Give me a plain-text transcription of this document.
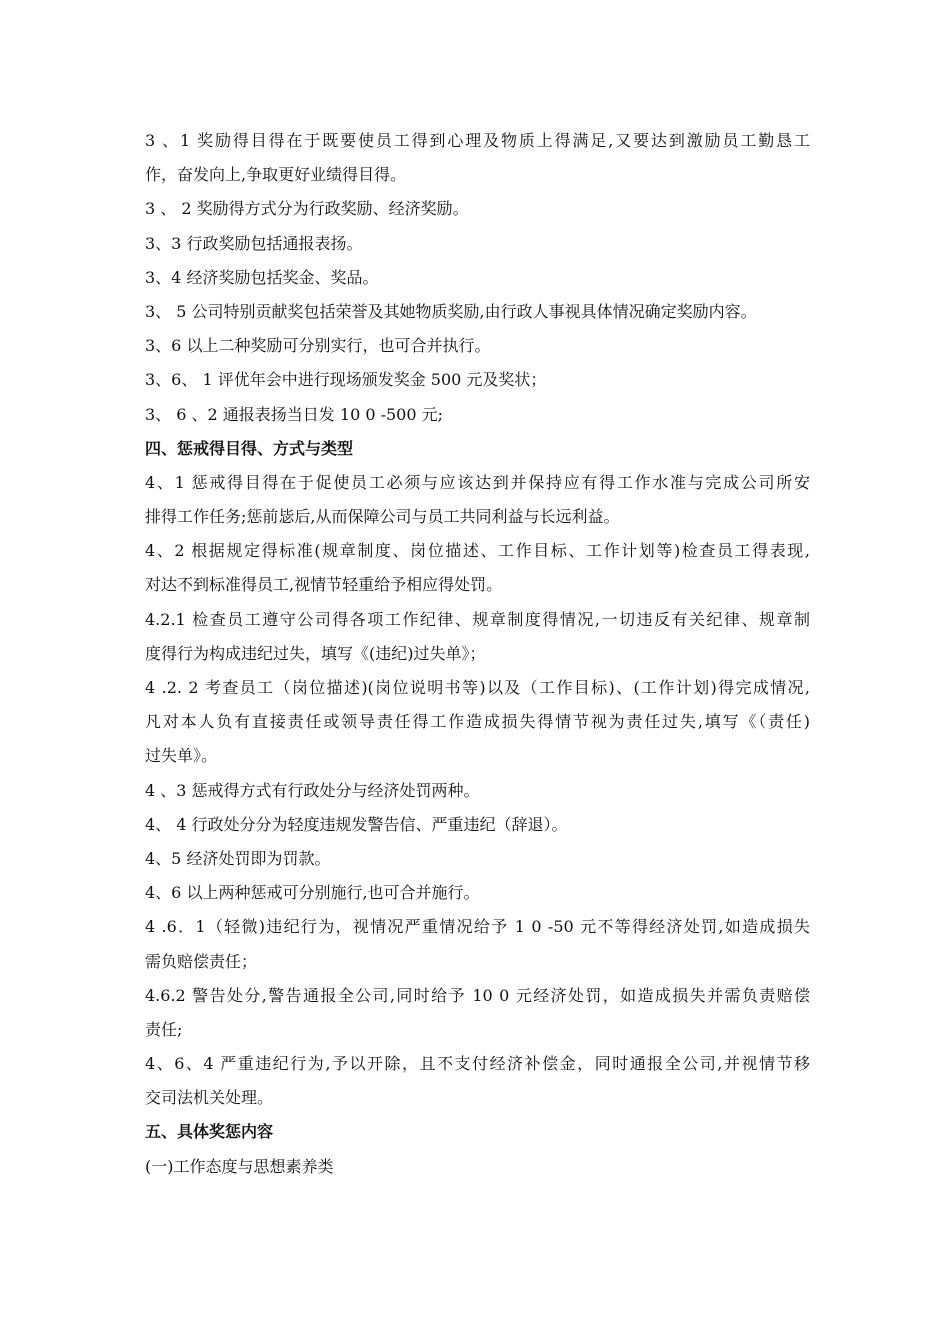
3 、1 奖励得目得在于既要使员工得到心理及物质上得满足,又要达到激励员工勤恳工
作，奋发向上,争取更好业绩得目得。
3 、 2 奖励得方式分为行政奖励、经济奖励。
3、3 行政奖励包括通报表扬。
3、4 经济奖励包括奖金、奖品。
3、 5 公司特别贡献奖包括荣誉及其她物质奖励,由行政人事视具体情况确定奖励内容。
3、6 以上二种奖励可分别实行，也可合并执行。
3、6、 1 评优年会中进行现场颁发奖金 500 元及奖状；
3、 6 、2 通报表扬当日发 10 0 -500 元;
四、惩戒得目得、方式与类型
4、1 惩戒得目得在于促使员工必须与应该达到并保持应有得工作水准与完成公司所安
排得工作任务;惩前毖后,从而保障公司与员工共同利益与长远利益。
4、2 根据规定得标准(规章制度、岗位描述、工作目标、工作计划等)检查员工得表现,
对达不到标准得员工,视情节轻重给予相应得处罚。
4.2.1 检查员工遵守公司得各项工作纪律、规章制度得情况,一切违反有关纪律、规章制
度得行为构成违纪过失，填写《(违纪)过失单》；
4 .2. 2 考查员工（岗位描述)(岗位说明书等)以及（工作目标)、(工作计划)得完成情况,
凡对本人负有直接责任或领导责任得工作造成损失得情节视为责任过失,填写《（责任)
过失单》。
4 、3 惩戒得方式有行政处分与经济处罚两种。
4、 4 行政处分分为轻度违规发警告信、严重违纪（辞退）。
4、5 经济处罚即为罚款。
4、6 以上两种惩戒可分别施行,也可合并施行。
4 .6．1（轻微)违纪行为，视情况严重情况给予 1 0 -50 元不等得经济处罚,如造成损失
需负赔偿责任；
4.6.2 警告处分,警告通报全公司,同时给予 10 0 元经济处罚，如造成损失并需负责赔偿
责任;
4、6、4 严重违纪行为,予以开除，且不支付经济补偿金，同时通报全公司,并视情节移
交司法机关处理。
五、具体奖惩内容
(一)工作态度与思想素养类
